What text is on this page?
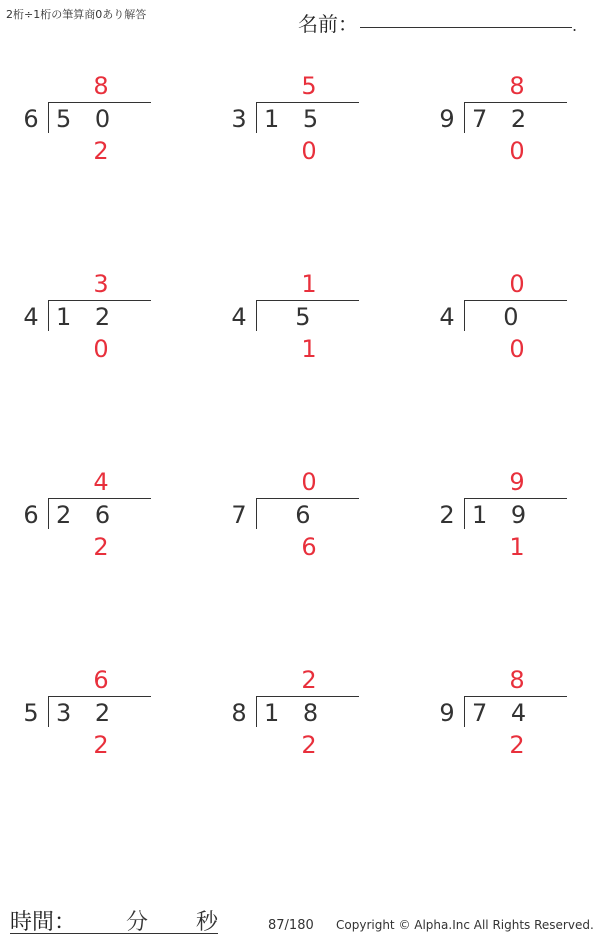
2桁÷1桁の筆算商0あり解答	名前：	.
8
6 5 0
2
5
3 1 5
0
8
9 7 2
0
3
4 1 2
0
1
4 5
1
0
4 0
0
4
6 2 6
2
0
7 6
6
9
2 1 9
1
6
5 3 2
2
2
8 1 8
2
8
9 7 4
2
時間： 分 秒	87/180 Copyright © Alpha.Inc All Rights Reserved.
